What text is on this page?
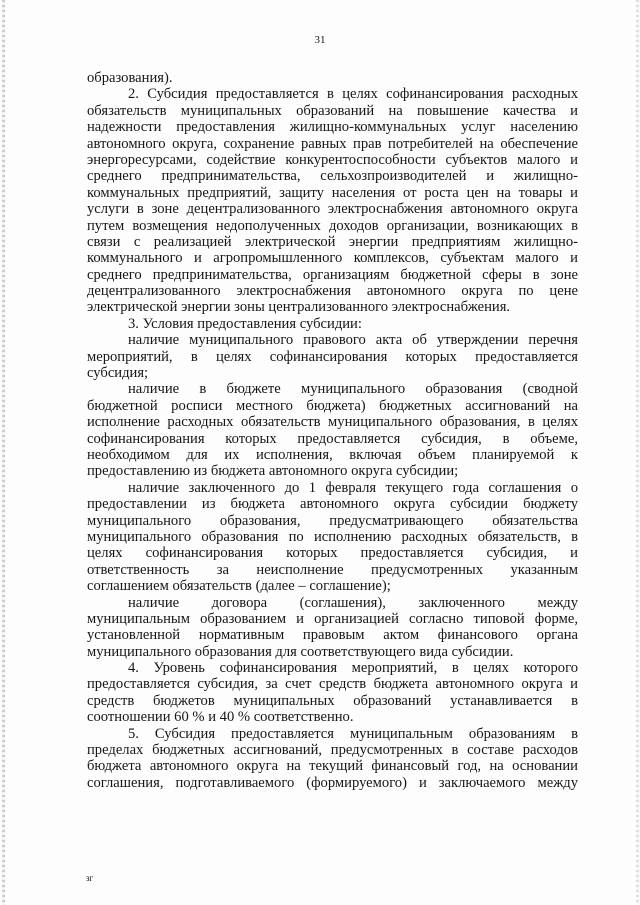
31
образования).
2. Субсидия предоставляется в целях софинансирования расходных
обязательств муниципальных образований на повышение качества и
надежности предоставления жилищно-коммунальных услуг населению
автономного округа, сохранение равных прав потребителей на обеспечение
энергоресурсами, содействие конкурентоспособности субъектов малого и
среднего предпринимательства, сельхозпроизводителей и жилищно-
коммунальных предприятий, защиту населения от роста цен на товары и
услуги в зоне децентрализованного электроснабжения автономного округа
путем возмещения недополученных доходов организации, возникающих в
связи с реализацией электрической энергии предприятиям жилищно-
коммунального и агропромышленного комплексов, субъектам малого и
среднего предпринимательства, организациям бюджетной сферы в зоне
децентрализованного электроснабжения автономного округа по цене
электрической энергии зоны централизованного электроснабжения.
3. Условия предоставления субсидии:
наличие муниципального правового акта об утверждении перечня
мероприятий, в целях софинансирования которых предоставляется
субсидия;
наличие в бюджете муниципального образования (сводной
бюджетной росписи местного бюджета) бюджетных ассигнований на
исполнение расходных обязательств муниципального образования, в целях
софинансирования которых предоставляется субсидия, в объеме,
необходимом для их исполнения, включая объем планируемой к
предоставлению из бюджета автономного округа субсидии;
наличие заключенного до 1 февраля текущего года соглашения о
предоставлении из бюджета автономного округа субсидии бюджету
муниципального образования, предусматривающего обязательства
муниципального образования по исполнению расходных обязательств, в
целях софинансирования которых предоставляется субсидия, и
ответственность за неисполнение предусмотренных указанным
соглашением обязательств (далее – соглашение);
наличие договора (соглашения), заключенного между
муниципальным образованием и организацией согласно типовой форме,
установленной нормативным правовым актом финансового органа
муниципального образования для соответствующего вида субсидии.
4. Уровень софинансирования мероприятий, в целях которого
предоставляется субсидия, за счет средств бюджета автономного округа и
средств бюджетов муниципальных образований устанавливается в
соотношении 60 % и 40 % соответственно.
5. Субсидия предоставляется муниципальным образованиям в
пределах бюджетных ассигнований, предусмотренных в составе расходов
бюджета автономного округа на текущий финансовый год, на основании
соглашения, подготавливаемого (формируемого) и заключаемого между
зг
